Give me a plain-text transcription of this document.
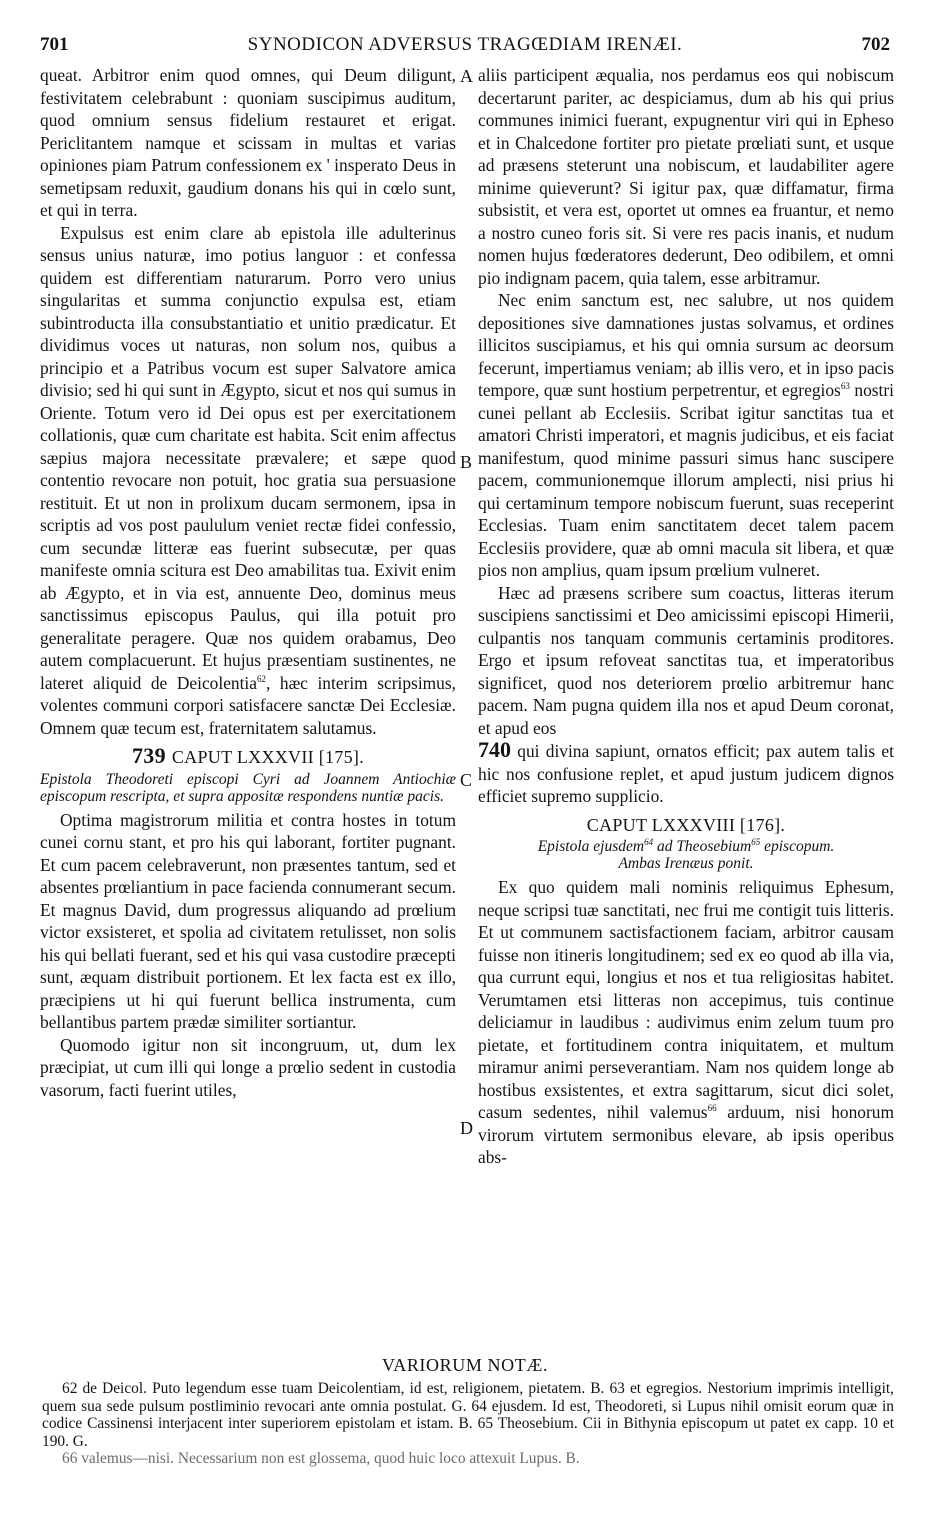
701	SYNODICON ADVERSUS TRAGŒDIAM IRENÆI.	702
A
B
C
D

queat. Arbitror enim quod omnes, qui Deum diligunt, festivitatem celebrabunt : quoniam suscipimus auditum, quod omnium sensus fidelium restauret et erigat. Periclitantem namque et scissam in multas et varias opiniones piam Patrum confessionem ex ' insperato Deus in semetipsam reduxit, gaudium donans his qui in cœlo sunt, et qui in terra.

Expulsus est enim clare ab epistola ille adulterinus sensus unius naturæ, imo potius languor : et confessa quidem est differentiam naturarum. Porro vero unius singularitas et summa conjunctio expulsa est, etiam subintroducta illa consubstantiatio et unitio prædicatur. Et dividimus voces ut naturas, non solum nos, quibus a principio et a Patribus vocum est super Salvatore amica divisio; sed hi qui sunt in Ægypto, sicut et nos qui sumus in Oriente. Totum vero id Dei opus est per exercitationem collationis, quæ cum charitate est habita. Scit enim affectus sæpius majora necessitate prævalere; et sæpe quod contentio revocare non potuit, hoc gratia sua persuasione restituit. Et ut non in prolixum ducam sermonem, ipsa in scriptis ad vos post paululum veniet rectæ fidei confessio, cum secundæ litteræ eas fuerint subsecutæ, per quas manifeste omnia scitura est Deo amabilitas tua. Exivit enim ab Ægypto, et in via est, annuente Deo, dominus meus sanctissimus episcopus Paulus, qui illa potuit pro generalitate peragere. Quæ nos quidem orabamus, Deo autem complacuerunt. Et hujus præsentiam sustinentes, ne lateret aliquid de Deicolentia$^{62}$, hæc interim scripsimus, volentes communi corpori satisfacere sanctæ Dei Ecclesiæ. Omnem quæ tecum est, fraternitatem salutamus.

739 CAPUT LXXXVII [175].
Epistola Theodoreti episcopi Cyri ad Joannem Antiochiæ episcopum rescripta, et supra appositæ respondens nuntiæ pacis.

Optima magistrorum militia et contra hostes in totum cunei cornu stant, et pro his qui laborant, fortiter pugnant. Et cum pacem celebraverunt, non præsentes tantum, sed et absentes prœliantium in pace facienda connumerant secum. Et magnus David, dum progressus aliquando ad prœlium victor exsisteret, et spolia ad civitatem retulisset, non solis his qui bellati fuerant, sed et his qui vasa custodire præcepti sunt, æquam distribuit portionem. Et lex facta est ex illo, præcipiens ut hi qui fuerunt bellica instrumenta, cum bellantibus partem prædæ similiter sortiantur.

Quomodo igitur non sit incongruum, ut, dum lex præcipiat, ut cum illi qui longe a prœlio sedent in custodia vasorum, facti fuerint utiles,

aliis participent æqualia, nos perdamus eos qui nobiscum decertarunt pariter, ac despiciamus, dum ab his qui prius communes inimici fuerant, expugnentur viri qui in Epheso et in Chalcedone fortiter pro pietate prœliati sunt, et usque ad præsens steterunt una nobiscum, et laudabiliter agere minime quieverunt? Si igitur pax, quæ diffamatur, firma subsistit, et vera est, oportet ut omnes ea fruantur, et nemo a nostro cuneo foris sit. Si vere res pacis inanis, et nudum nomen hujus fœderatores dederunt, Deo odibilem, et omni pio indignam pacem, quia talem, esse arbitramur.

Nec enim sanctum est, nec salubre, ut nos quidem depositiones sive damnationes justas solvamus, et ordines illicitos suscipiamus, et his qui omnia sursum ac deorsum fecerunt, impertiamus veniam; ab illis vero, et in ipso pacis tempore, quæ sunt hostium perpetrentur, et egregios$^{63}$ nostri cunei pellant ab Ecclesiis. Scribat igitur sanctitas tua et amatori Christi imperatori, et magnis judicibus, et eis faciat manifestum, quod minime passuri simus hanc suscipere pacem, communionemque illorum amplecti, nisi prius hi qui certaminum tempore nobiscum fuerunt, suas receperint Ecclesias. Tuam enim sanctitatem decet talem pacem Ecclesiis providere, quæ ab omni macula sit libera, et quæ pios non amplius, quam ipsum prœlium vulneret.

Hæc ad præsens scribere sum coactus, litteras iterum suscipiens sanctissimi et Deo amicissimi episcopi Himerii, culpantis nos tanquam communis certaminis proditores. Ergo et ipsum refoveat sanctitas tua, et imperatoribus significet, quod nos deteriorem prœlio arbitremur hanc pacem. Nam pugna quidem illa nos et apud Deum coronat, et apud eos
740 qui divina sapiunt, ornatos efficit; pax autem talis et hic nos confusione replet, et apud justum judicem dignos efficiet supremo supplicio.

CAPUT LXXXVIII [176].
Epistola ejusdem$^{64}$ ad Theosebium$^{65}$ episcopum.
Ambas Irenæus ponit.

Ex quo quidem mali nominis reliquimus Ephesum, neque scripsi tuæ sanctitati, nec frui me contigit tuis litteris. Et ut communem sactisfactionem faciam, arbitror causam fuisse non itineris longitudinem; sed ex eo quod ab illa via, qua currunt equi, longius et nos et tua religiositas habitet. Verumtamen etsi litteras non accepimus, tuis continue deliciamur in laudibus : audivimus enim zelum tuum pro pietate, et fortitudinem contra iniquitatem, et multum miramur animi perseverantiam. Nam nos quidem longe ab hostibus exsistentes, et extra sagittarum, sicut dici solet, casum sedentes, nihil valemus$^{66}$ arduum, nisi honorum virorum virtutem sermonibus elevare, ab ipsis operibus abs-

VARIORUM NOTÆ.

62 de Deicol. Puto legendum esse tuam Deicolentiam, id est, religionem, pietatem. B. 63 et egregios. Nestorium imprimis intelligit, quem sua sede pulsum postliminio revocari ante omnia postulat. G. 64 ejusdem. Id est, Theodoreti, si Lupus nihil omisit eorum quæ in codice Cassinensi interjacent inter superiorem epistolam et istam. B. 65 Theosebium. Cii in Bithynia episcopum ut patet ex capp. 10 et 190. G.

66 valemus—nisi. Necessarium non est glossema, quod huic loco attexuit Lupus. B.
